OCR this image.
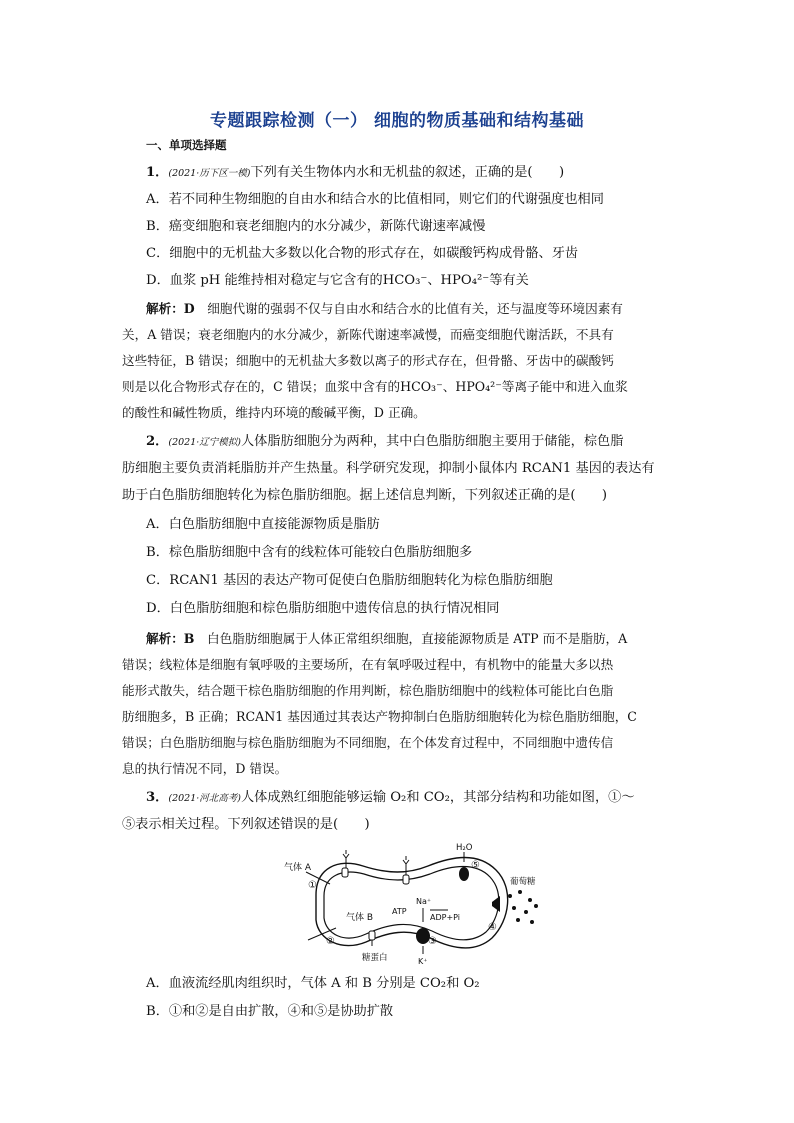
专题跟踪检测（一） 细胞的物质基础和结构基础
一、单项选择题
1．(2021·历下区一模)下列有关生物体内水和无机盐的叙述，正确的是(　　)
A．若不同种生物细胞的自由水和结合水的比值相同，则它们的代谢强度也相同
B．癌变细胞和衰老细胞内的水分减少，新陈代谢速率减慢
C．细胞中的无机盐大多数以化合物的形式存在，如碳酸钙构成骨骼、牙齿
D．血浆 pH 能维持相对稳定与它含有的HCO₃⁻、HPO₄²⁻等有关
解析：D　 细胞代谢的强弱不仅与自由水和结合水的比值有关，还与温度等环境因素有
关，A 错误；衰老细胞内的水分减少，新陈代谢速率减慢，而癌变细胞代谢活跃，不具有
这些特征，B 错误；细胞中的无机盐大多数以离子的形式存在，但骨骼、牙齿中的碳酸钙
则是以化合物形式存在的，C 错误；血浆中含有的HCO₃⁻、HPO₄²⁻等离子能中和进入血浆
的酸性和碱性物质，维持内环境的酸碱平衡，D 正确。
2．(2021·辽宁模拟)人体脂肪细胞分为两种，其中白色脂肪细胞主要用于储能，棕色脂
肪细胞主要负责消耗脂肪并产生热量。科学研究发现，抑制小鼠体内 RCAN1 基因的表达有
助于白色脂肪细胞转化为棕色脂肪细胞。据上述信息判断，下列叙述正确的是(　　)
A．白色脂肪细胞中直接能源物质是脂肪
B．棕色脂肪细胞中含有的线粒体可能较白色脂肪细胞多
C．RCAN1 基因的表达产物可促使白色脂肪细胞转化为棕色脂肪细胞
D．白色脂肪细胞和棕色脂肪细胞中遗传信息的执行情况相同
解析：B　 白色脂肪细胞属于人体正常组织细胞，直接能源物质是 ATP 而不是脂肪，A
错误；线粒体是细胞有氧呼吸的主要场所，在有氧呼吸过程中，有机物中的能量大多以热
能形式散失，结合题干棕色脂肪细胞的作用判断，棕色脂肪细胞中的线粒体可能比白色脂
肪细胞多，B 正确；RCAN1 基因通过其表达产物抑制白色脂肪细胞转化为棕色脂肪细胞，C
错误；白色脂肪细胞与棕色脂肪细胞为不同细胞，在个体发育过程中，不同细胞中遗传信
息的执行情况不同，D 错误。
3．(2021·河北高考)人体成熟红细胞能够运输 O₂和 CO₂，其部分结构和功能如图，①～
⑤表示相关过程。下列叙述错误的是(　　)
气体 A
气体 B
H₂O
葡萄糖
Na⁺
K⁺
ATP
ADP+Pi
糖蛋白
①
②	③
④
⑤
A．血液流经肌肉组织时，气体 A 和 B 分别是 CO₂和 O₂
B．①和②是自由扩散，④和⑤是协助扩散
